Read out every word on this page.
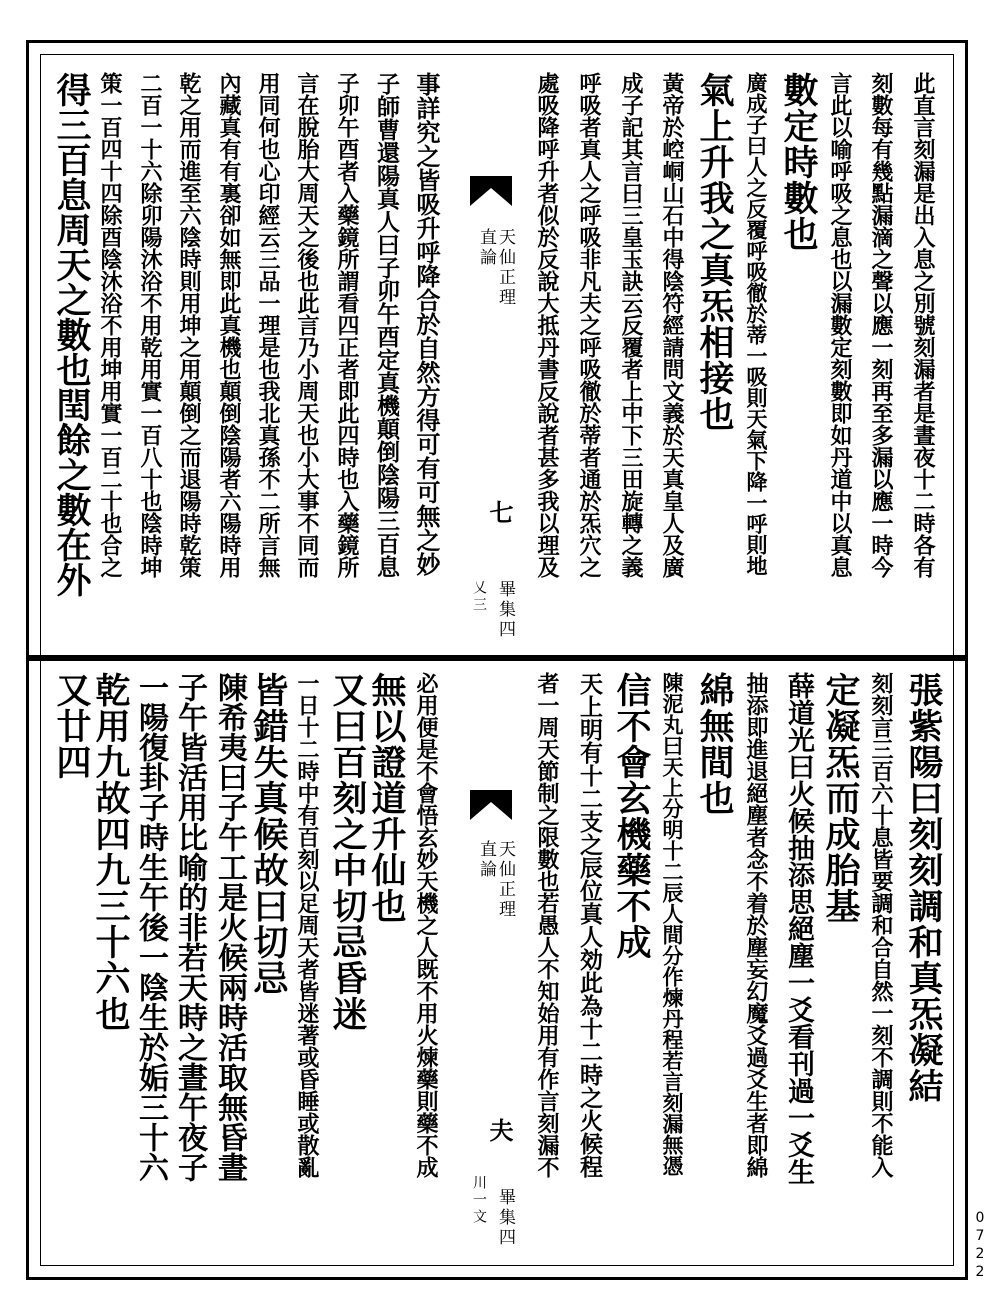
此直言刻漏是出入息之別號刻漏者是晝夜十二時各有
刻數每有幾點漏滴之聲以應一刻再至多漏以應一時今
言此以喻呼吸之息也以漏數定刻數即如丹道中以真息
數定時數也
廣成子曰人之反覆呼吸徹於蒂一吸則天氣下降一呼則地
氣上升我之真炁相接也
黃帝於崆峒山石中得陰符經請問文義於天真皇人及廣
成子記其言曰三皇玉訣云反覆者上中下三田旋轉之義
呼吸者真人之呼吸非凡夫之呼吸徹於蒂者通於炁穴之
處吸降呼升者似於反說大抵丹書反說者甚多我以理及
事詳究之皆吸升呼降合於自然方得可有可無之妙
子師曹還陽真人曰子卯午酉定真機顛倒陰陽三百息
子卯午酉者入藥鏡所謂看四正者即此四時也入藥鏡所
言在脫胎大周天之後也此言乃小周天也小大事不同而
用同何也心印經云三品一理是也我北真孫不二所言無
內藏真有有裏卻如無即此真機也顛倒陰陽者六陽時用
乾之用而進至六陰時則用坤之用顛倒之而退陽時乾策
二百一十六除卯陽沐浴不用乾用實一百八十也陰時坤
策一百四十四除酉陰沐浴不用坤用實一百二十也合之
得三百息周天之數也閏餘之數在外
張紫陽曰刻刻調和真炁凝結
刻刻言三百六十息皆要調和合自然一刻不調則不能入
定凝炁而成胎基
薛道光曰火候抽添思絕塵一爻看刊過一爻生
抽添即進退絕塵者念不着於塵妄幻魔爻過爻生者即綿
綿無間也
陳泥丸曰天上分明十二辰人間分作煉丹程若言刻漏無憑
信不會玄機藥不成
天上明有十二支之辰位真人効此為十二時之火候程
者一周天節制之限數也若愚人不知始用有作言刻漏不
必用便是不會悟玄妙天機之人既不用火煉藥則藥不成
無以證道升仙也
又曰百刻之中切忌昏迷
一日十二時中有百刻以足周天者皆迷著或昏睡或散亂
皆錯失真候故曰切忌
陳希夷曰子午工是火候兩時活取無昏晝
子午皆活用比喻的非若天時之晝午夜子
一陽復卦子時生午後一陰生於姤三十六
乾用九故四九三十六也
又廿四
天仙正理
直論
七
乂三 畢集四
天仙正理
直論
夫
川一文 畢集四	0722
